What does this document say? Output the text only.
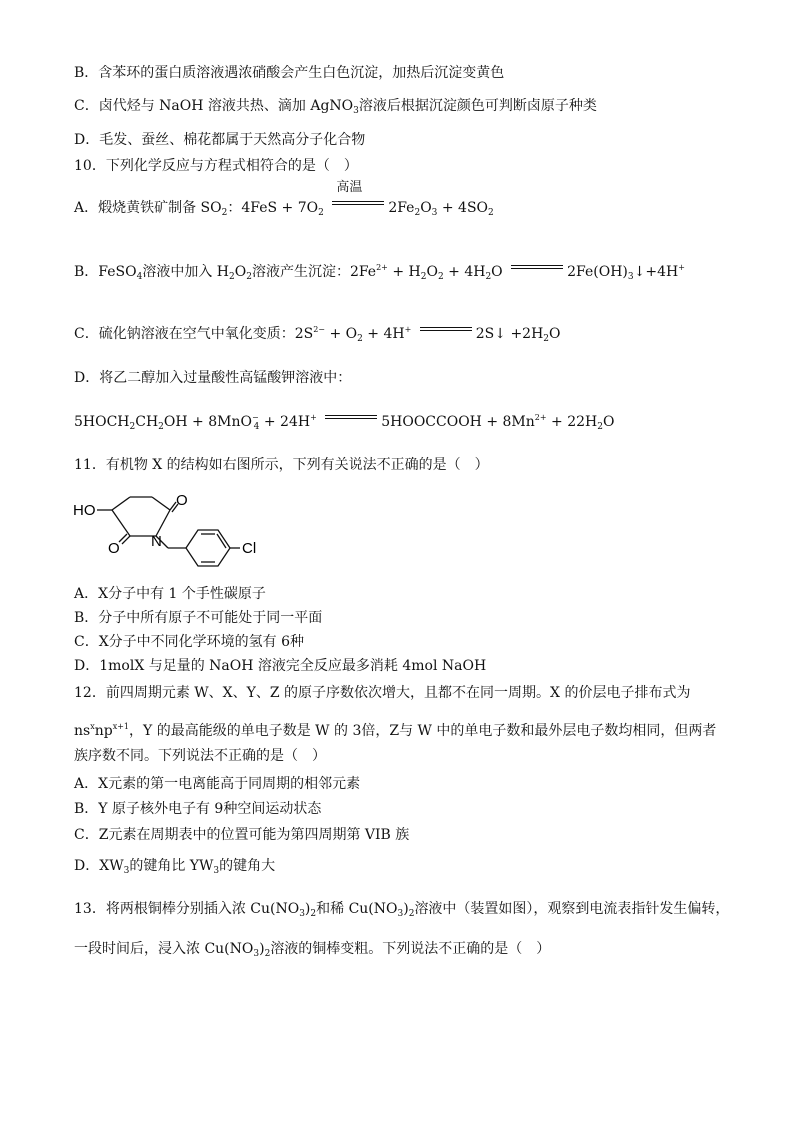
B．含苯环的蛋白质溶液遇浓硝酸会产生白色沉淀，加热后沉淀变黄色
C．卤代烃与 NaOH 溶液共热、滴加 AgNO$_3$溶液后根据沉淀颜色可判断卤原子种类
D．毛发、蚕丝、棉花都属于天然高分子化合物
10．下列化学反应与方程式相符合的是（　）
A．煅烧黄铁矿制备 $SO_2$：$4FeS + 7O_2$
高温
$2Fe_2O_3 + 4SO_2$
B．FeSO$_4$溶液中加入 $H_2O_2$溶液产生沉淀：$2Fe^{2+} + H_2O_2 + 4H_2O$	$2Fe(OH)_3↓+4H^+$
C．硫化钠溶液在空气中氧化变质：$2S^{2-} + O_2 + 4H^+$	2S↓ $+2H_2O$
D．将乙二醇加入过量酸性高锰酸钾溶液中：
$5HOCH_2CH_2OH + 8MnO^-_4 + 24H^+$	5HOOCCOOH + $8Mn^{2+} + 22H_2O$
11．有机物 X 的结构如右图所示，下列有关说法不正确的是（　）
HO
O
O N	Cl
A．X分子中有 1 个手性碳原子
B．分子中所有原子不可能处于同一平面
C．X分子中不同化学环境的氢有 6种
D．1molX 与足量的 NaOH 溶液完全反应最多消耗 4mol NaOH
12．前四周期元素 W、X、Y、Z 的原子序数依次增大，且都不在同一周期。X 的价层电子排布式为
$ns^xnp^{x+1}$，Y 的最高能级的单电子数是 W 的 3倍，Z与 W 中的单电子数和最外层电子数均相同，但两者
族序数不同。下列说法不正确的是（　）
A．X元素的第一电离能高于同周期的相邻元素
B．Y 原子核外电子有 9种空间运动状态
C．Z元素在周期表中的位置可能为第四周期第 VIB 族
D．$XW_3$的键角比 $YW_3$的键角大
13．将两根铜棒分别插入浓 $Cu(NO_3)_2$和稀 $Cu(NO_3)_2$溶液中（装置如图），观察到电流表指针发生偏转，
一段时间后，浸入浓 $Cu(NO_3)_2$溶液的铜棒变粗。下列说法不正确的是（　）
